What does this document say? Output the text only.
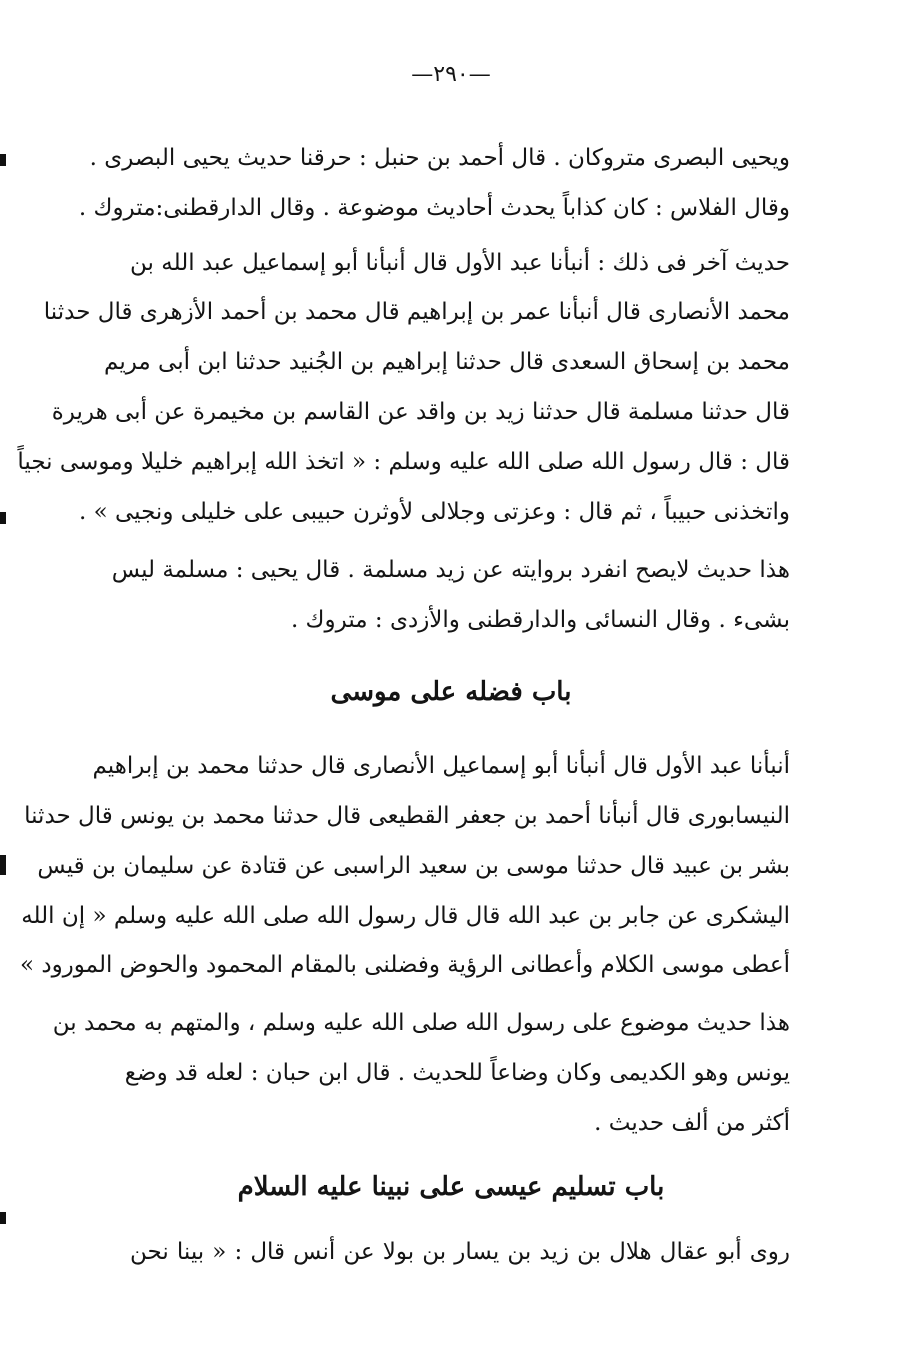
—٢٩٠—
ويحيى البصرى متروكان . قال أحمد بن حنبل : حرقنا حديث يحيى البصرى .
وقال الفلاس : كان كذاباً يحدث أحاديث موضوعة . وقال الدارقطنى:متروك .
حديث آخر فى ذلك : أنبأنا عبد الأول قال أنبأنا أبو إسماعيل عبد الله بن
محمد الأنصارى قال أنبأنا عمر بن إبراهيم قال محمد بن أحمد الأزهرى قال حدثنا
محمد بن إسحاق السعدى قال حدثنا إبراهيم بن الجُنيد حدثنا ابن أبى مريم
قال حدثنا مسلمة قال حدثنا زيد بن واقد عن القاسم بن مخيمرة عن أبى هريرة
قال : قال رسول الله صلى الله عليه وسلم : « اتخذ الله إبراهيم خليلا وموسى نجياً
واتخذنى حبيباً ، ثم قال : وعزتى وجلالى لأوثرن حبيبى على خليلى ونجيى » .
هذا حديث لايصح انفرد بروايته عن زيد مسلمة . قال يحيى : مسلمة ليس
بشىء . وقال النسائى والدارقطنى والأزدى : متروك .
باب فضله على موسى
أنبأنا عبد الأول قال أنبأنا أبو إسماعيل الأنصارى قال حدثنا محمد بن إبراهيم
النيسابورى قال أنبأنا أحمد بن جعفر القطيعى قال حدثنا محمد بن يونس قال حدثنا
بشر بن عبيد قال حدثنا موسى بن سعيد الراسبى عن قتادة عن سليمان بن قيس
اليشكرى عن جابر بن عبد الله قال قال رسول الله صلى الله عليه وسلم « إن الله
أعطى موسى الكلام وأعطانى الرؤية وفضلنى بالمقام المحمود والحوض المورود »
هذا حديث موضوع على رسول الله صلى الله عليه وسلم ، والمتهم به محمد بن
يونس وهو الكديمى وكان وضاعاً للحديث . قال ابن حبان : لعله قد وضع
أكثر من ألف حديث .
باب تسليم عيسى على نبينا عليه السلام
روى أبو عقال هلال بن زيد بن يسار بن بولا عن أنس قال : « بينا نحن
